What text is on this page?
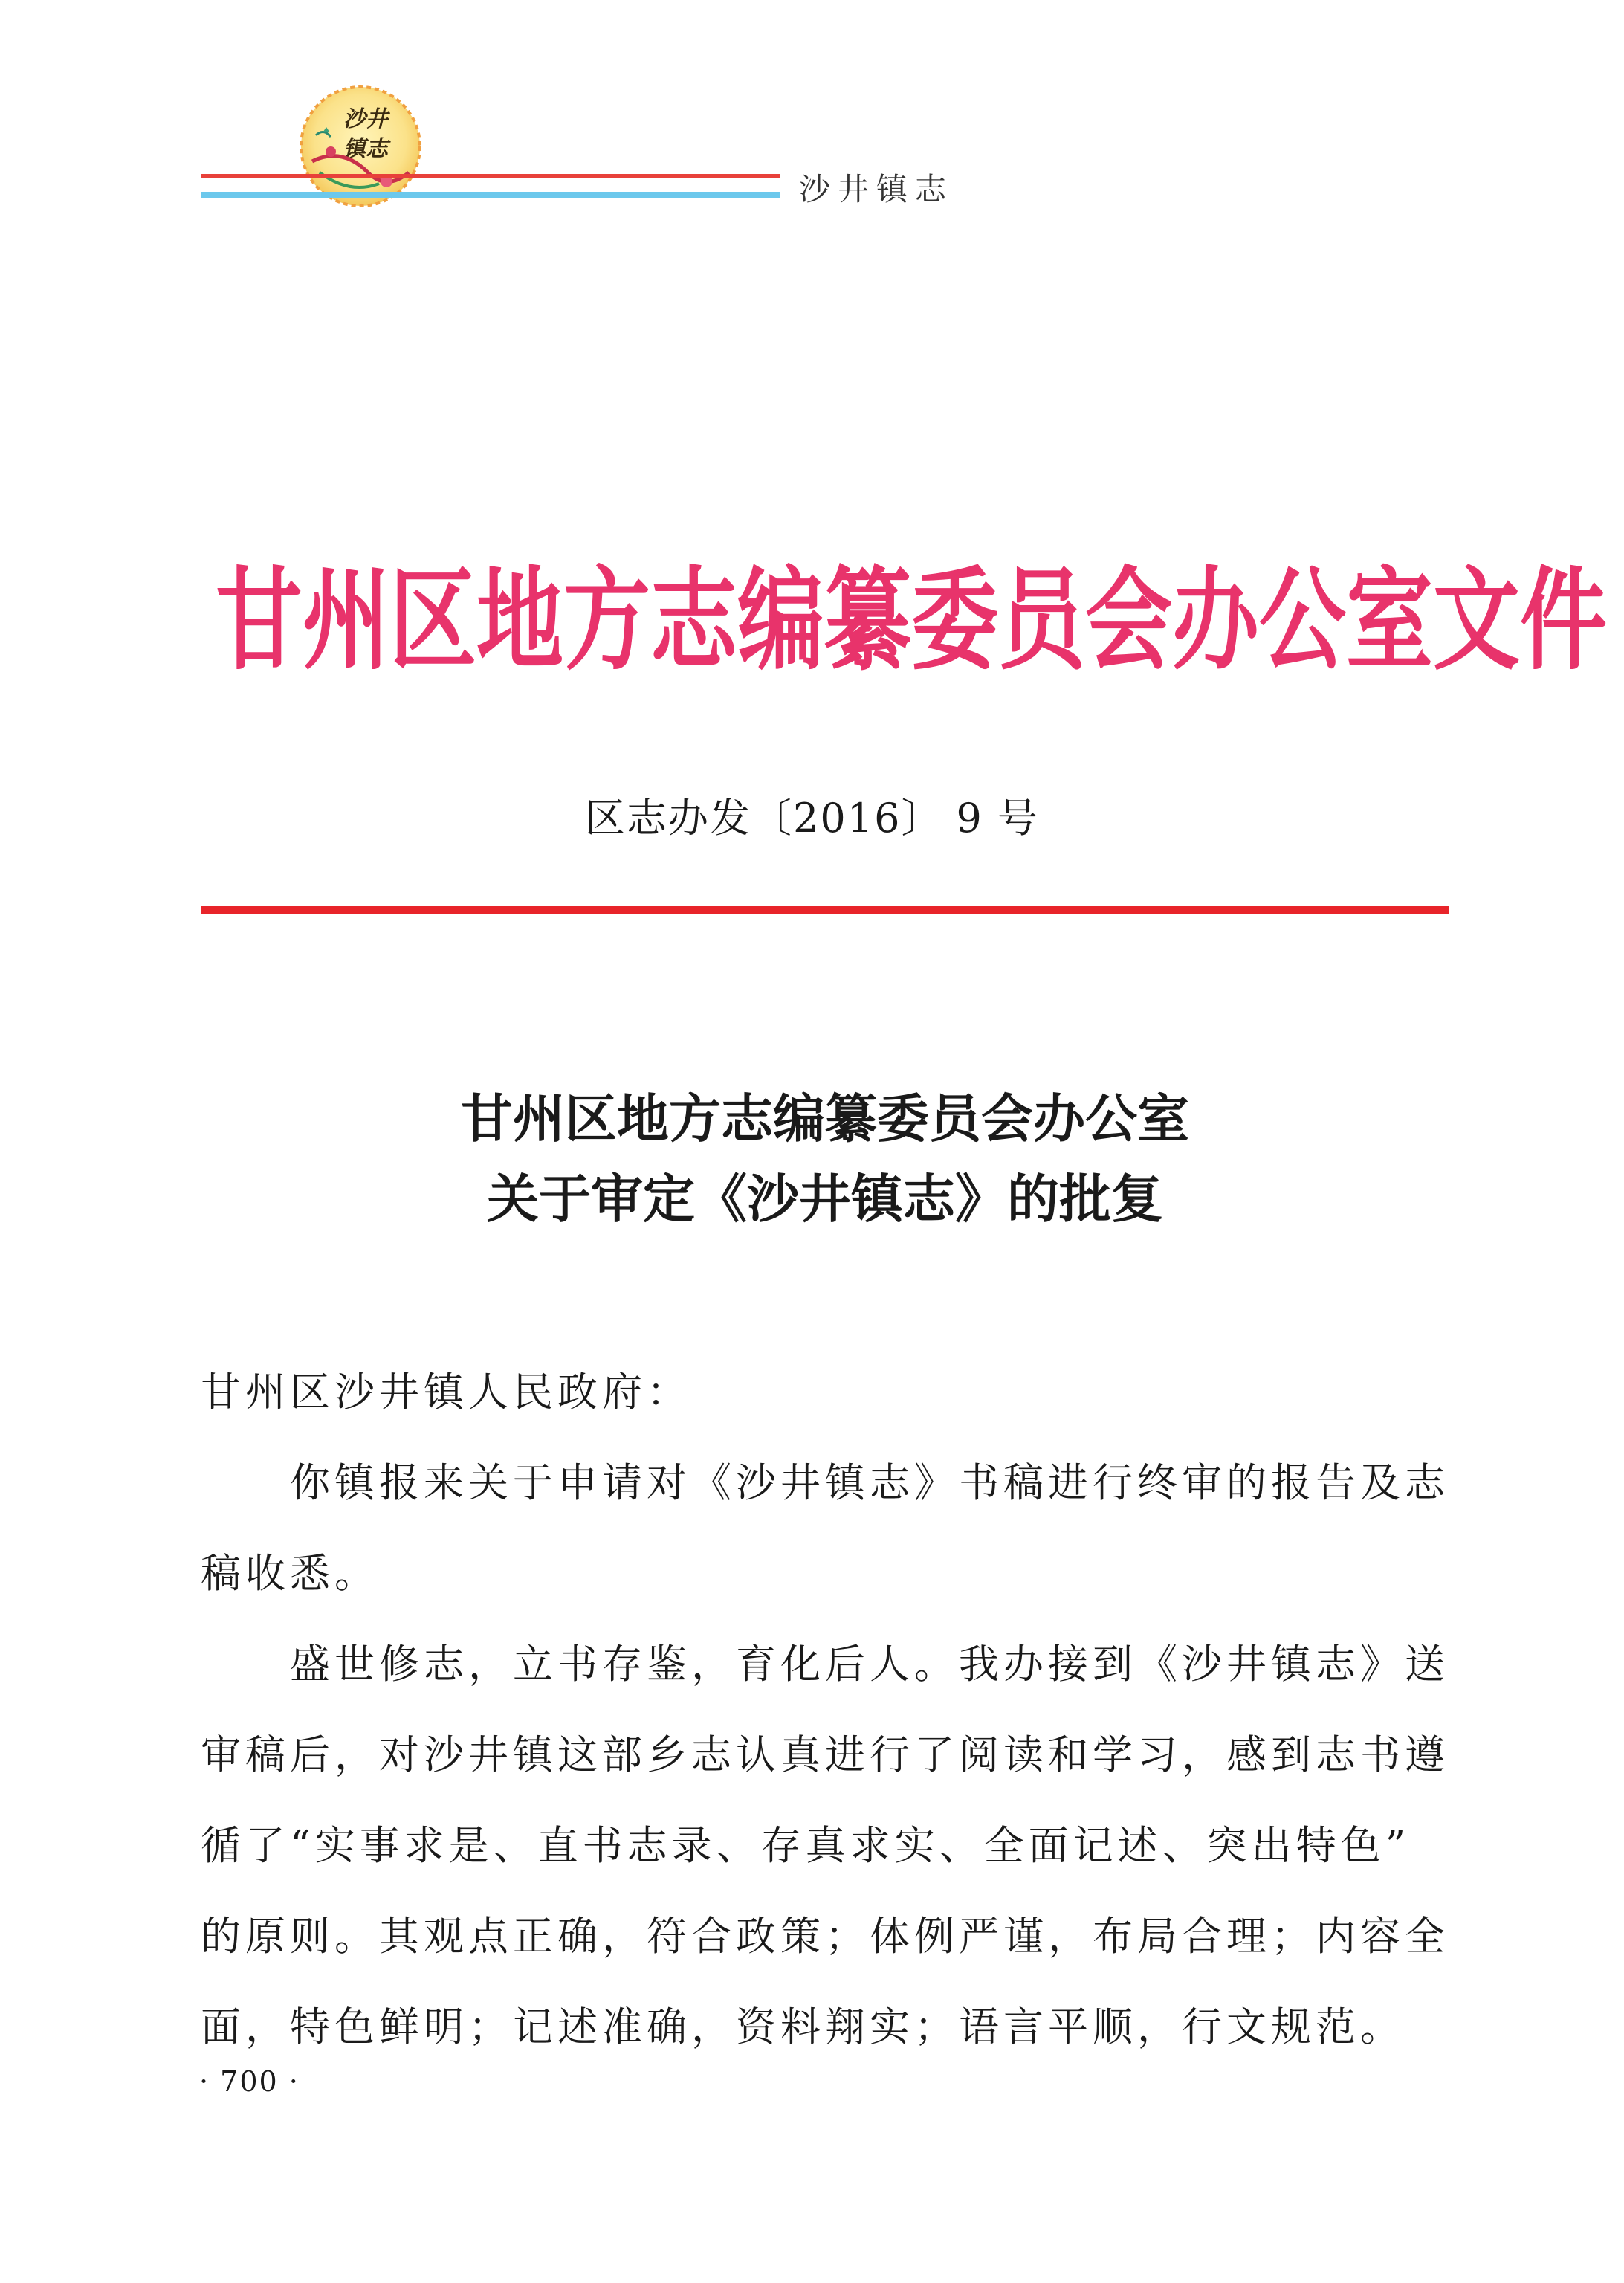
沙井
镇志
沙井镇志
甘州区地方志编纂委员会办公室文件
区志办发〔2016〕 9 号
甘州区地方志编纂委员会办公室
关于审定《沙井镇志》的批复
甘州区沙井镇人民政府：
　　你镇报来关于申请对《沙井镇志》书稿进行终审的报告及志
稿收悉。
　　盛世修志，立书存鉴，育化后人。我办接到《沙井镇志》送
审稿后，对沙井镇这部乡志认真进行了阅读和学习，感到志书遵
循了“实事求是、直书志录、存真求实、全面记述、突出特色”
的原则。其观点正确，符合政策；体例严谨，布局合理；内容全
面，特色鲜明；记述准确，资料翔实；语言平顺，行文规范。
· 700 ·
